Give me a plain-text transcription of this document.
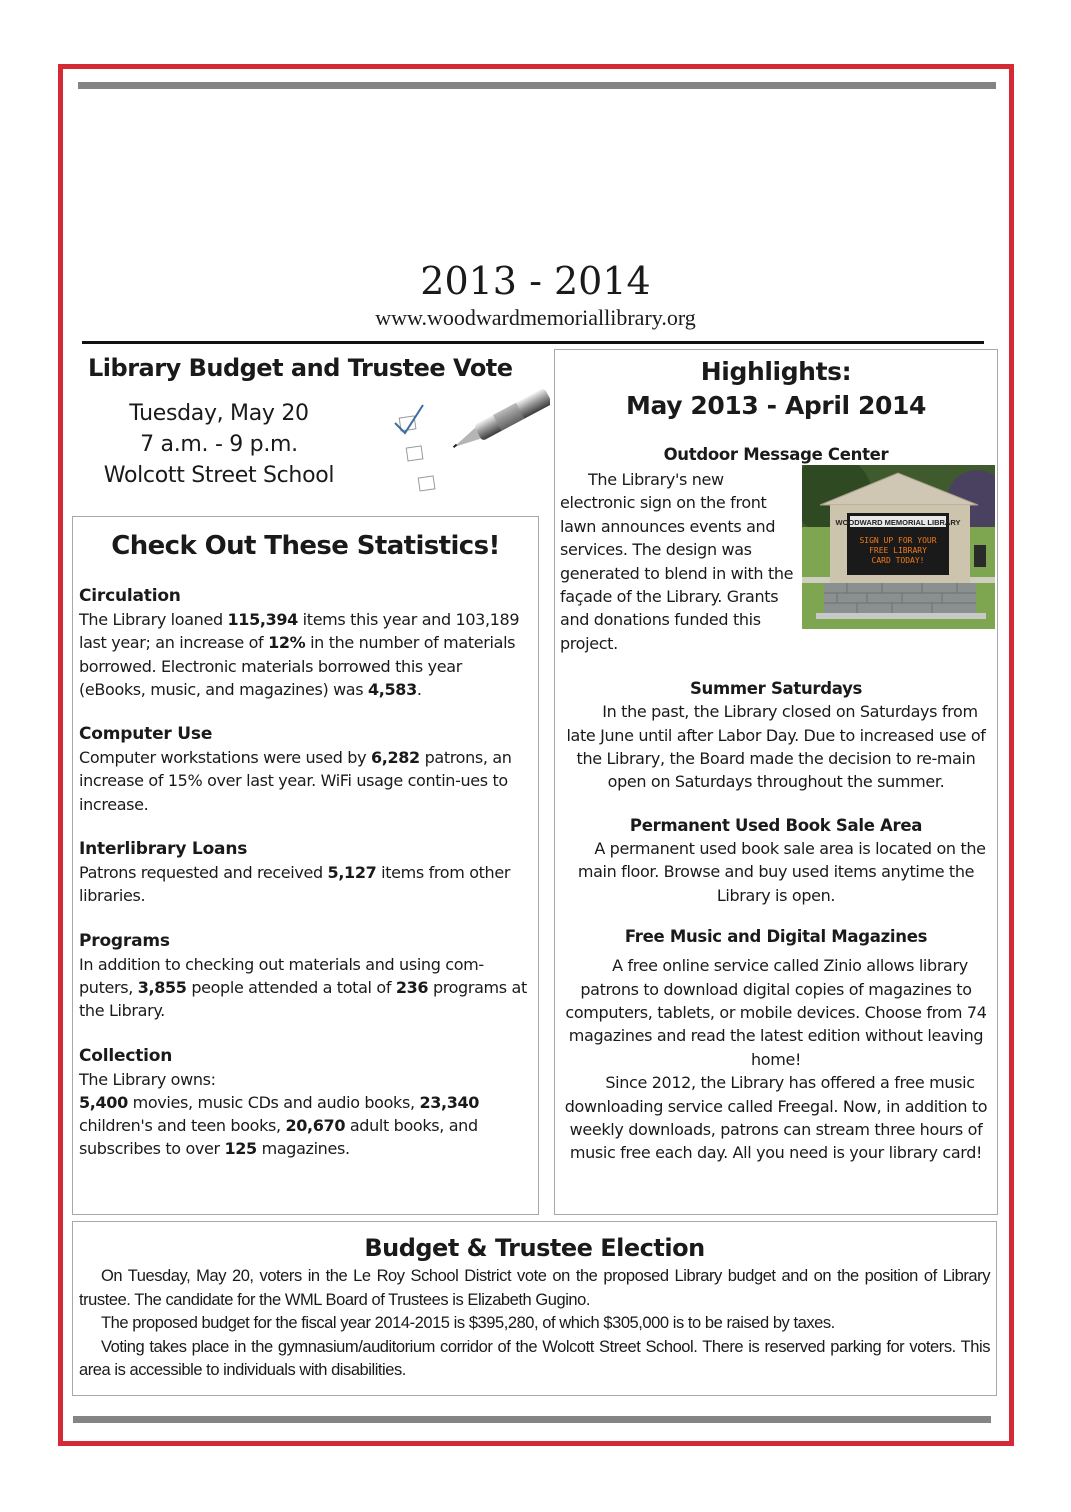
2013 - 2014
www.woodwardmemoriallibrary.org
Library Budget and Trustee Vote
Tuesday, May 20
7 a.m. - 9 p.m.
Wolcott Street School
Check Out These Statistics!
Circulation
The Library loaned 115,394 items this year and 103,189 last year; an increase of 12% in the number of materials borrowed. Electronic materials borrowed this year (eBooks, music, and magazines) was 4,583.
Computer Use
Computer workstations were used by 6,282 patrons, an increase of 15% over last year. WiFi usage contin-ues to increase.
Interlibrary Loans
Patrons requested and received 5,127 items from other libraries.
Programs
In addition to checking out materials and using com-puters, 3,855 people attended a total of 236 programs at the Library.
Collection
The Library owns:
5,400 movies, music CDs and audio books, 23,340 children's and teen books, 20,670 adult books, and subscribes to over 125 magazines.
Highlights:
May 2013 - April 2014
Outdoor Message Center
The Library's new electronic sign on the front lawn announces events and services. The design was generated to blend in with the façade of the Library. Grants and donations funded this project.
WOODWARD MEMORIAL LIBRARY
SIGN UP FOR YOUR
FREE LIBRARY
CARD TODAY!
Summer Saturdays
In the past, the Library closed on Saturdays from late June until after Labor Day. Due to increased use of the Library, the Board made the decision to re-main open on Saturdays throughout the summer.
Permanent Used Book Sale Area
A permanent used book sale area is located on the main floor. Browse and buy used items anytime the Library is open.
Free Music and Digital Magazines
A free online service called Zinio allows library patrons to download digital copies of magazines to computers, tablets, or mobile devices. Choose from 74 magazines and read the latest edition without leaving home!
Since 2012, the Library has offered a free music downloading service called Freegal. Now, in addition to weekly downloads, patrons can stream three hours of music free each day. All you need is your library card!
Budget & Trustee Election

On Tuesday, May 20, voters in the Le Roy School District vote on the proposed Library budget and on the position of Library trustee. The candidate for the WML Board of Trustees is Elizabeth Gugino.

The proposed budget for the fiscal year 2014-2015 is $395,280, of which $305,000 is to be raised by taxes.

Voting takes place in the gymnasium/auditorium corridor of the Wolcott Street School. There is reserved parking for voters. This area is accessible to individuals with disabilities.
